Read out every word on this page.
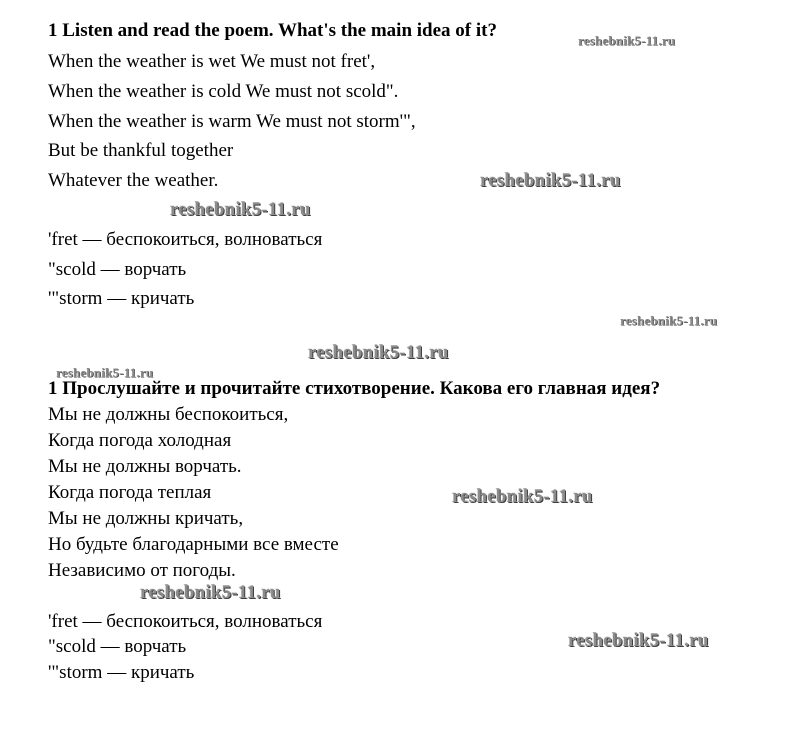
1 Listen and read the poem. What's the main idea of it?
When the weather is wet We must not fret',
When the weather is cold We must not scold".
When the weather is warm We must not storm'",
But be thankful together
Whatever the weather.
'fret — беспокоиться, волноваться
"scold — ворчать
'"storm — кричать
1 Прослушайте и прочитайте стихотворение. Какова его главная идея?
Мы не должны беспокоиться,
Когда погода холодная
Мы не должны ворчать.
Когда погода теплая
Мы не должны кричать,
Но будьте благодарными все вместе
Независимо от погоды.
'fret — беспокоиться, волноваться
"scold — ворчать
'"storm — кричать
reshebnik5-11.ru
reshebnik5-11.ru
reshebnik5-11.ru
reshebnik5-11.ru
reshebnik5-11.ru
reshebnik5-11.ru
reshebnik5-11.ru
reshebnik5-11.ru
reshebnik5-11.ru
